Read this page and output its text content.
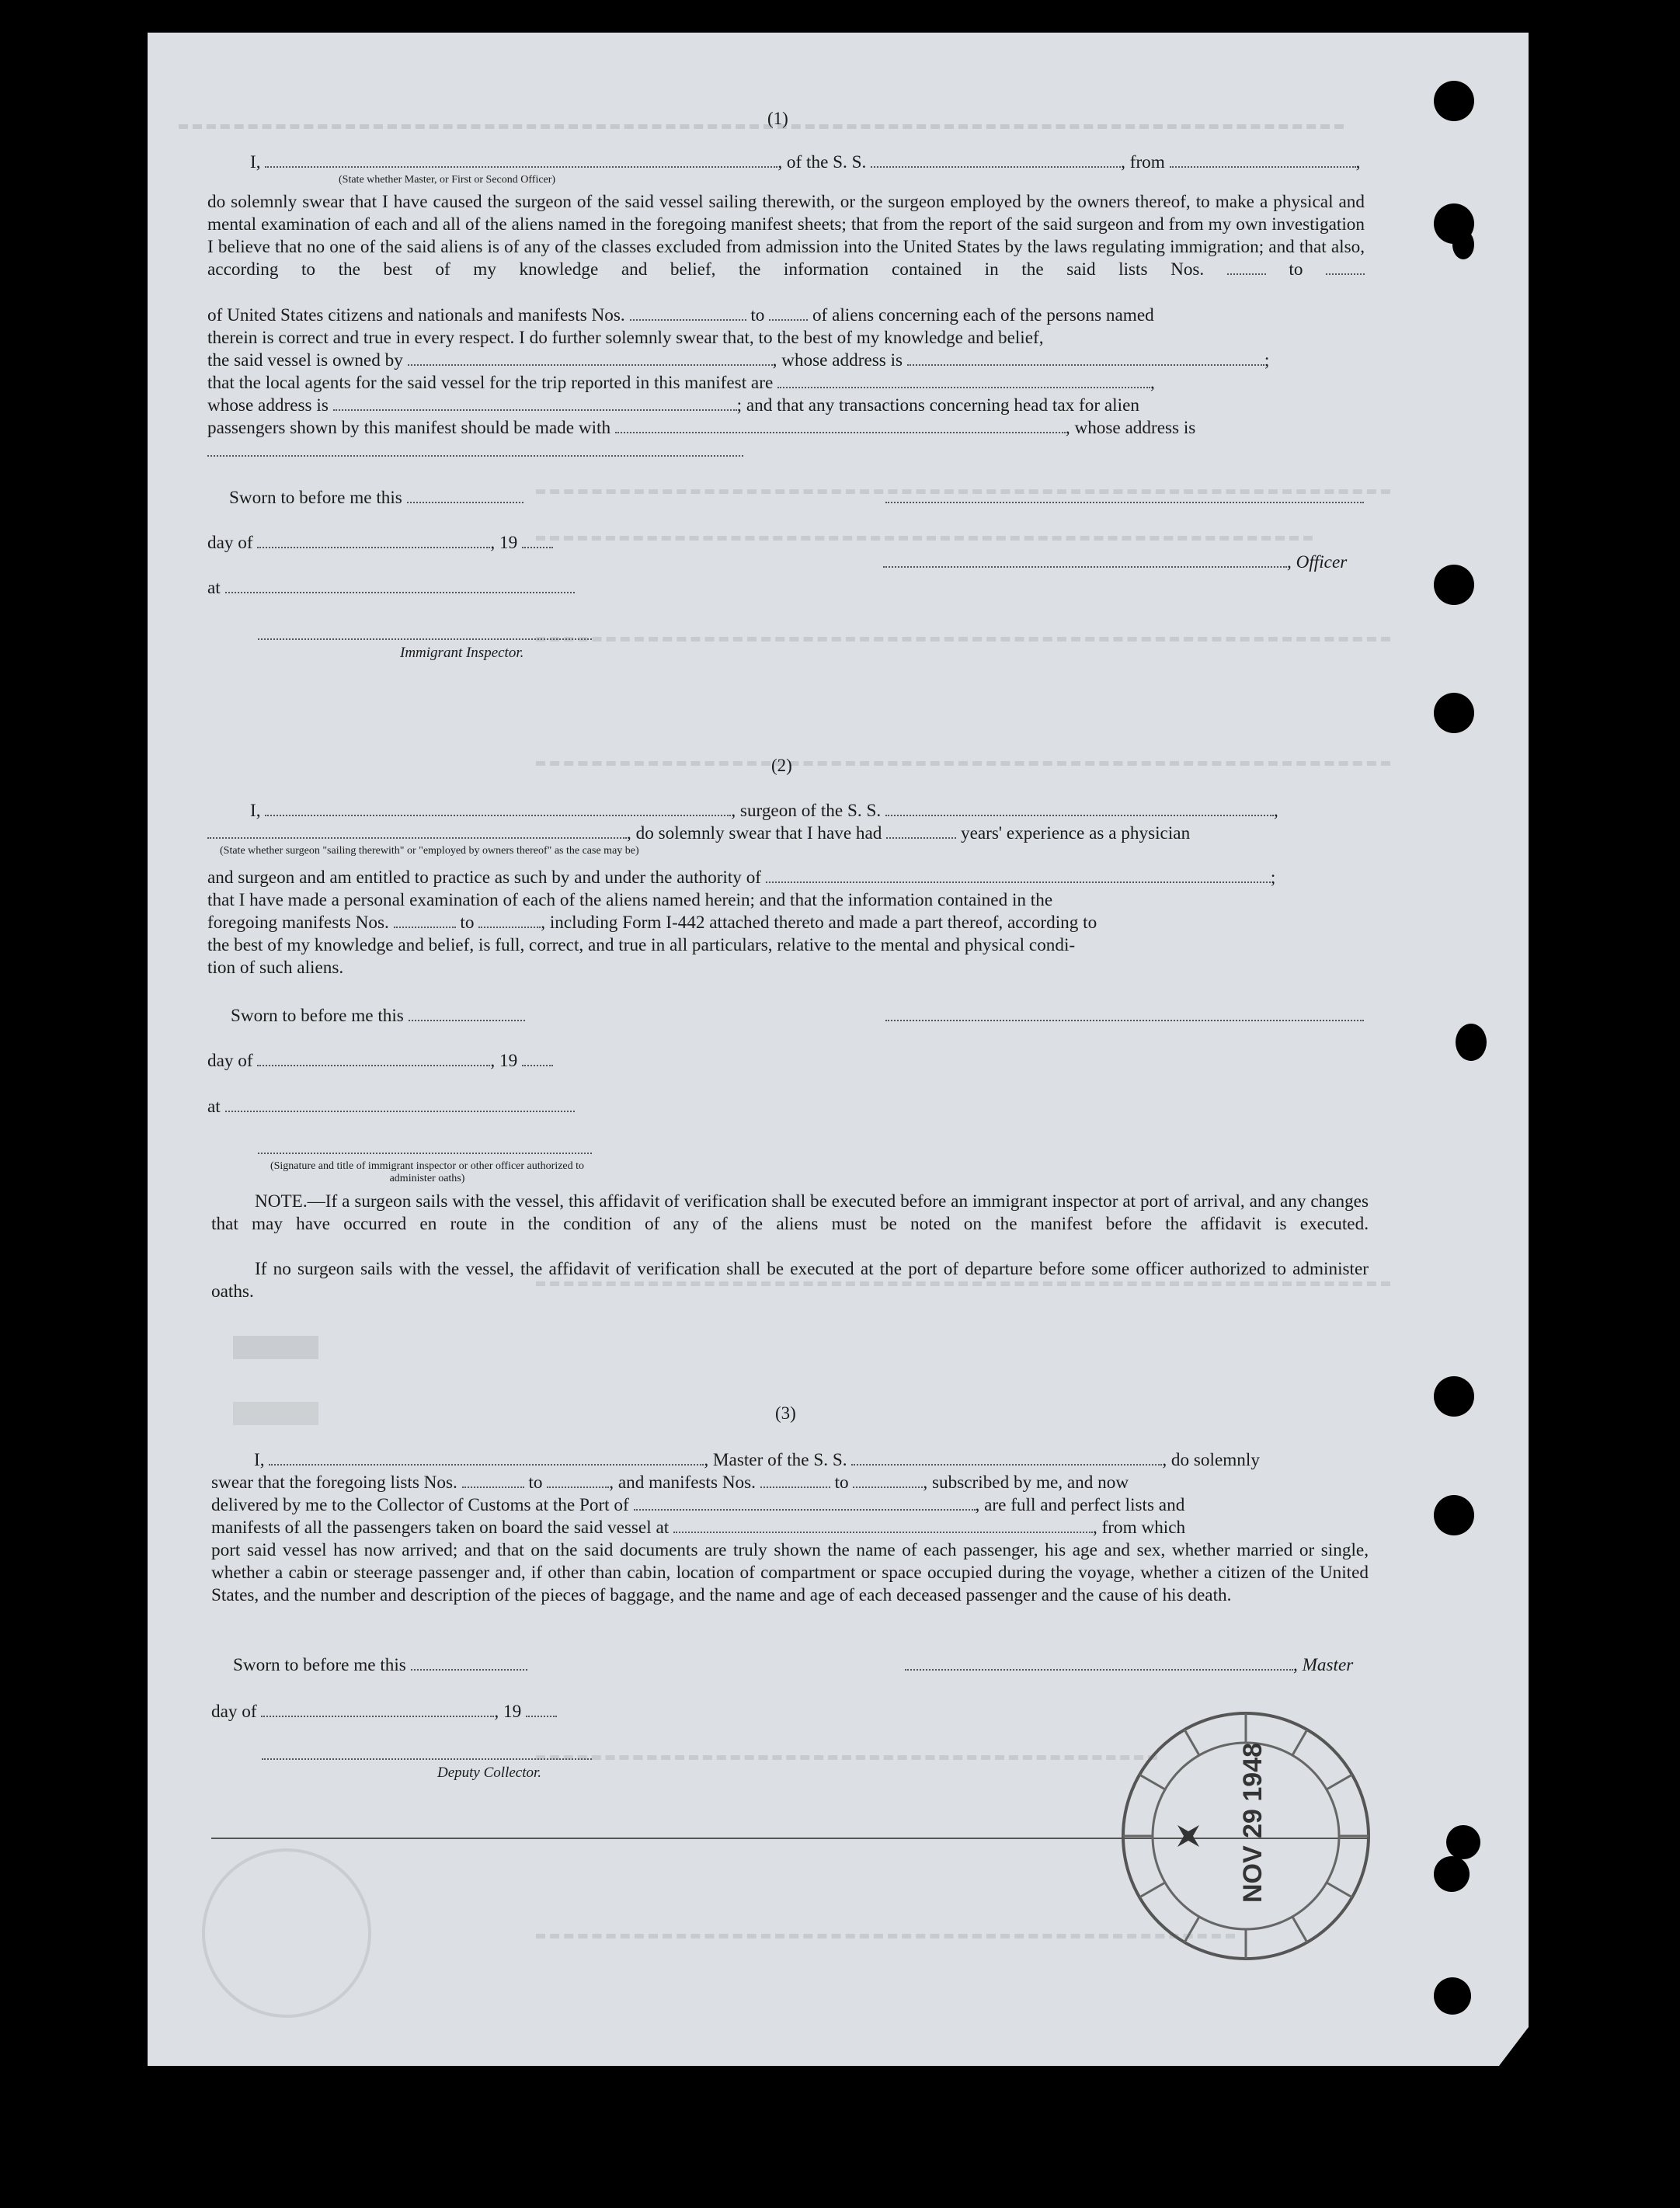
(1)
I,	, of the S. S.	, from	,
(State whether Master, or First or Second Officer)
do solemnly swear that I have caused the surgeon of the said vessel sailing therewith, or the surgeon employed by the owners thereof, to make a physical and mental examination of each and all of the aliens named in the foregoing manifest sheets; that from the report of the said surgeon and from my own investigation I believe that no one of the said aliens is of any of the classes excluded from admission into the United States by the laws regulating immigration; and that also, according to the best of my knowledge and belief, the information contained in the said lists Nos.	to
of United States citizens and nationals and manifests Nos.	to	of aliens concerning each of the persons named
therein is correct and true in every respect. I do further solemnly swear that, to the best of my knowledge and belief,
the said vessel is owned by	, whose address is	;
that the local agents for the said vessel for the trip reported in this manifest are	,
whose address is	; and that any transactions concerning head tax for alien
passengers shown by this manifest should be made with	, whose address is
Sworn to before me this
day of	, 19
at
Immigrant Inspector.
, Officer
(2)
I,	, surgeon of the S. S.	,
, do solemnly swear that I have had	years' experience as a physician
(State whether surgeon "sailing therewith" or "employed by owners thereof" as the case may be)
and surgeon and am entitled to practice as such by and under the authority of	;
that I have made a personal examination of each of the aliens named herein; and that the information contained in the
foregoing manifests Nos.	to	, including Form I-442 attached thereto and made a part thereof, according to
the best of my knowledge and belief, is full, correct, and true in all particulars, relative to the mental and physical condi-
tion of such aliens.
Sworn to before me this
day of	, 19
at
(Signature and title of immigrant inspector or other officer authorized to administer oaths)
NOTE.—If a surgeon sails with the vessel, this affidavit of verification shall be executed before an immigrant inspector at port of arrival, and any changes that may have occurred en route in the condition of any of the aliens must be noted on the manifest before the affidavit is executed.
If no surgeon sails with the vessel, the affidavit of verification shall be executed at the port of departure before some officer authorized to administer oaths.
(3)
I,	, Master of the S. S.	, do solemnly
swear that the foregoing lists Nos.	to	, and manifests Nos.	to	, subscribed by me, and now
delivered by me to the Collector of Customs at the Port of	, are full and perfect lists and
manifests of all the passengers taken on board the said vessel at	, from which
port said vessel has now arrived; and that on the said documents are truly shown the name of each passenger, his age and sex, whether married or single, whether a cabin or steerage passenger and, if other than cabin, location of compartment or space occupied during the voyage, whether a citizen of the United States, and the number and description of the pieces of baggage, and the name and age of each deceased passenger and the cause of his death.
Sworn to before me this	, Master
day of	, 19
Deputy Collector.	NOV 29 1948
